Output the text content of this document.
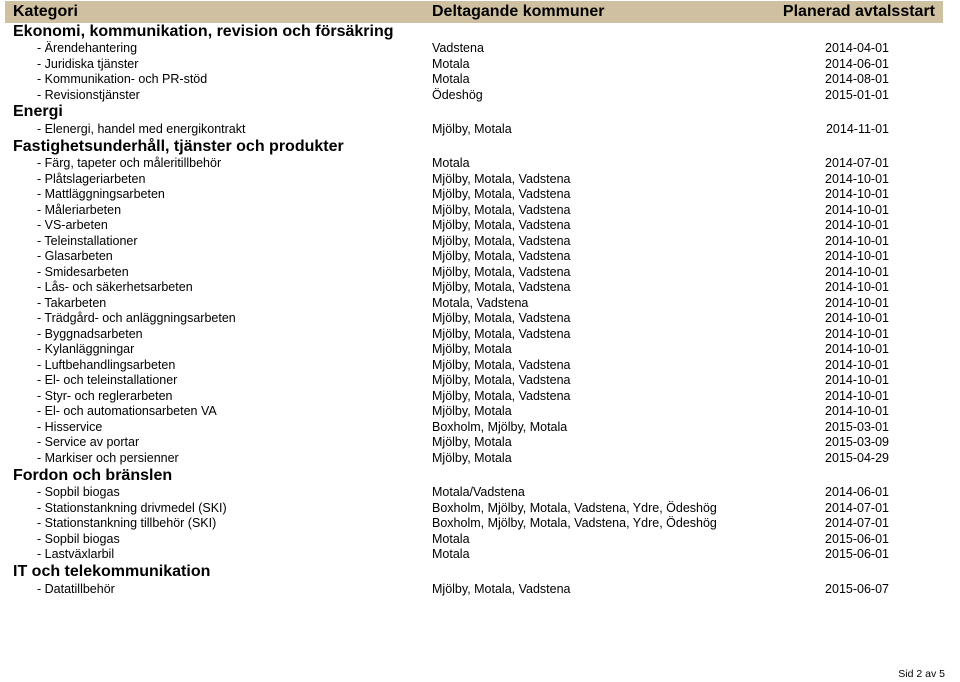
Kategori	Deltagande kommuner	Planerad avtalsstart
Ekonomi, kommunikation, revision och försäkring
- Ärendehantering	Vadstena	2014-04-01
- Juridiska tjänster	Motala	2014-06-01
- Kommunikation- och PR-stöd	Motala	2014-08-01
- Revisionstjänster	Ödeshög	2015-01-01
Energi
- Elenergi, handel med energikontrakt	Mjölby, Motala	2014-11-01
Fastighetsunderhåll, tjänster och produkter
- Färg, tapeter och måleritillbehör	Motala	2014-07-01
- Plåtslageriarbeten	Mjölby, Motala, Vadstena	2014-10-01
- Mattläggningsarbeten	Mjölby, Motala, Vadstena	2014-10-01
- Måleriarbeten	Mjölby, Motala, Vadstena	2014-10-01
- VS-arbeten	Mjölby, Motala, Vadstena	2014-10-01
- Teleinstallationer	Mjölby, Motala, Vadstena	2014-10-01
- Glasarbeten	Mjölby, Motala, Vadstena	2014-10-01
- Smidesarbeten	Mjölby, Motala, Vadstena	2014-10-01
- Lås- och säkerhetsarbeten	Mjölby, Motala, Vadstena	2014-10-01
- Takarbeten	Motala, Vadstena	2014-10-01
- Trädgård- och anläggningsarbeten	Mjölby, Motala, Vadstena	2014-10-01
- Byggnadsarbeten	Mjölby, Motala, Vadstena	2014-10-01
- Kylanläggningar	Mjölby, Motala	2014-10-01
- Luftbehandlingsarbeten	Mjölby, Motala, Vadstena	2014-10-01
- El- och teleinstallationer	Mjölby, Motala, Vadstena	2014-10-01
- Styr- och reglerarbeten	Mjölby, Motala, Vadstena	2014-10-01
- El- och automationsarbeten VA	Mjölby, Motala	2014-10-01
- Hisservice	Boxholm, Mjölby, Motala	2015-03-01
- Service av portar	Mjölby, Motala	2015-03-09
- Markiser och persienner	Mjölby, Motala	2015-04-29
Fordon och bränslen
- Sopbil biogas	Motala/Vadstena	2014-06-01
- Stationstankning drivmedel (SKI)	Boxholm, Mjölby, Motala, Vadstena, Ydre, Ödeshög	2014-07-01
- Stationstankning tillbehör (SKI)	Boxholm, Mjölby, Motala, Vadstena, Ydre, Ödeshög	2014-07-01
- Sopbil biogas	Motala	2015-06-01
- Lastväxlarbil	Motala	2015-06-01
IT och telekommunikation
- Datatillbehör	Mjölby, Motala, Vadstena	2015-06-07
Sid 2 av 5
